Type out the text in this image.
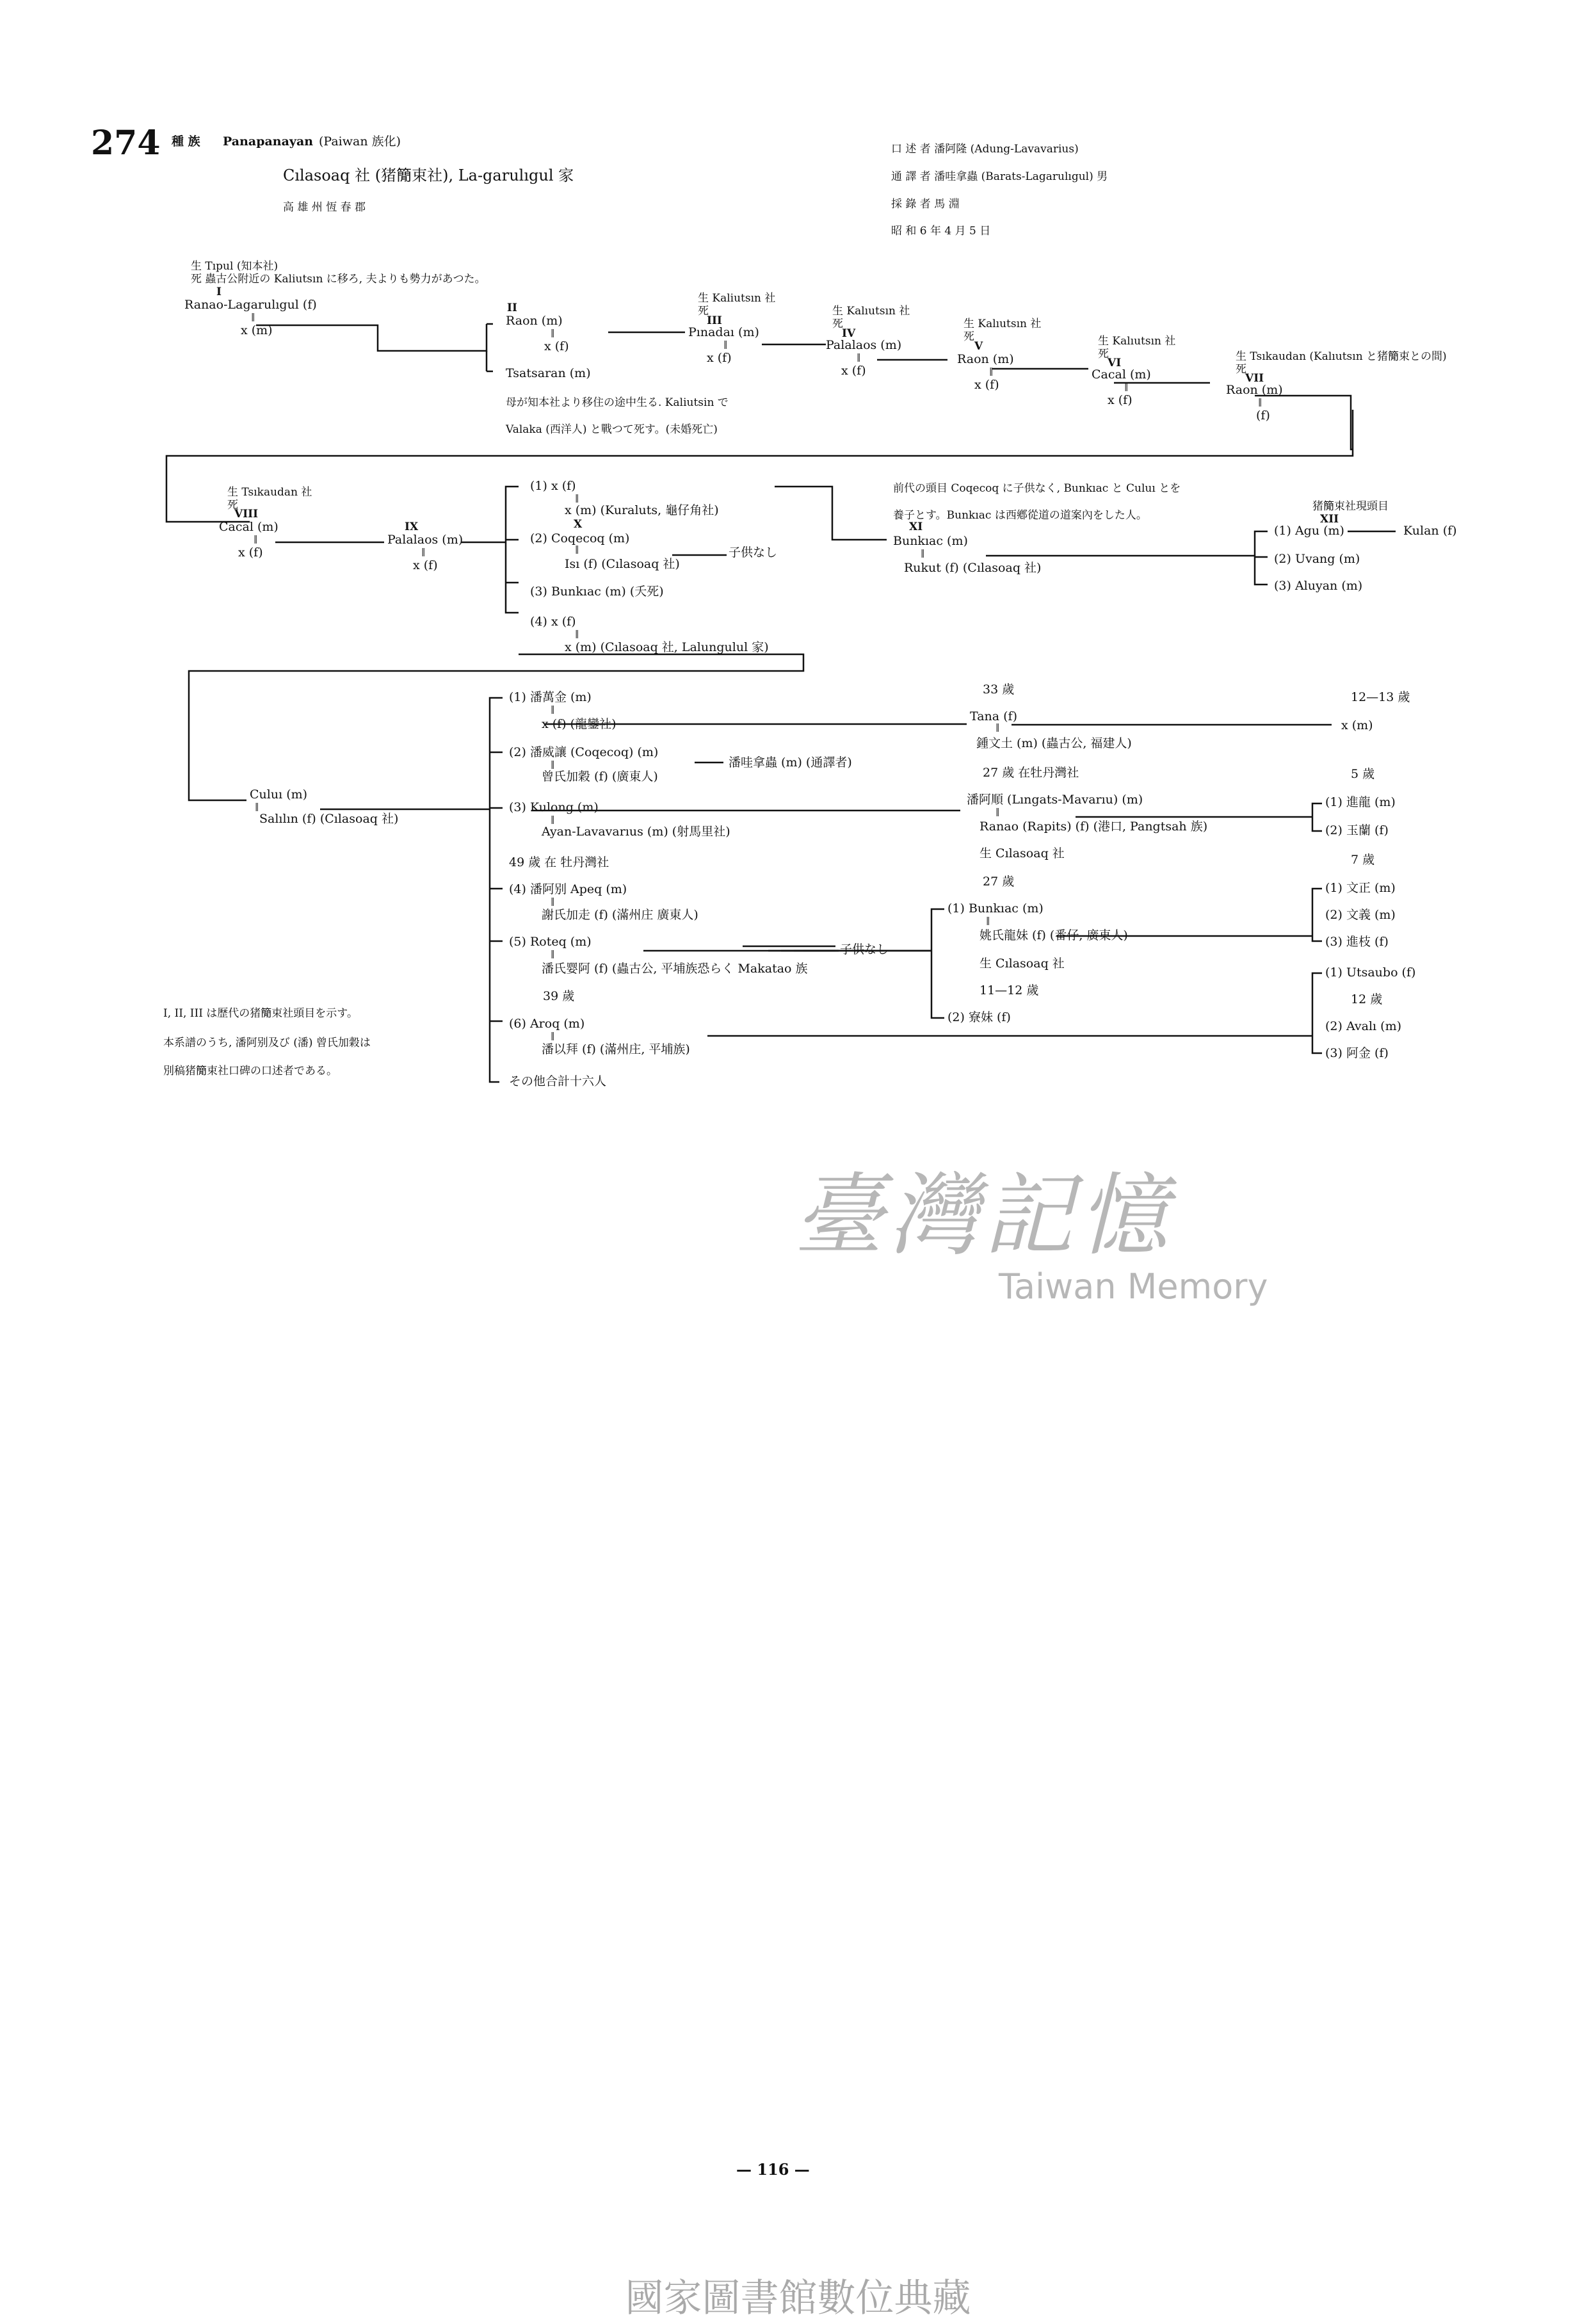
274 種 族 Panapanayan (Paiwan 族化)
Cılasoaq 社 (猪𥳑束社), La-garulıgul 家
高 雄 州 恆 春 郡
口 述 者 潘阿隆 (Adung-Lavavarius)
通 譯 者 潘哇拿蟲 (Barats-Lagarulıgul) 男
採 錄 者 馬 淵
昭 和 6 年 4 月 5 日
生 Tıpul (知本社)
死 蟲古公附近の Kaliutsın に移ろ, 夫よりも勢力があつた。
I
Ranao-Lagarulıgul (f)
‖
x (m)
II
Raon (m)
‖
x (f)
Tsatsaran (m)
母が知本社より移住の途中生る. Kaliutsin で
Valaka (西洋人) と戰つて死す。(未婚死亡)
生 Kaliutsın 社
死
III
Pınadaı (m)
‖
x (f)
生 Kalıutsın 社
死
IV
Palalaos (m)
‖
x (f)
生 Kalıutsın 社
死
V
Raon (m)
‖
x (f)
生 Kalıutsın 社
死
VI
Cacal (m)
‖
x (f)
生 Tsıkaudan (Kalıutsın と猪𥳑束との間)
死
VII
Raon (m)
‖
(f)
生 Tsıkaudan 社
死
VIII
Cacal (m)
‖
x (f)
IX
Palalaos (m)
‖
x (f)
(1) x (f)
‖
x (m) (Kuraluts, 龜仔角社)
X
(2) Coqecoq (m)
‖
Isı (f) (Cılasoaq 社)
子供なし
(3) Bunkıac (m) (夭死)
(4) x (f)
‖
x (m) (Cılasoaq 社, Lalungulul 家)
前代の頭目 Coqecoq に子供なく, Bunkıac と Culuı とを
養子とす。Bunkıac は西鄕從道の道案內をした人。
XI
Bunkıac (m)
‖
Rukut (f) (Cılasoaq 社)
猪𥳑束社現頭目
XII
(1) Agu (m)	Kulan (f)
(2) Uvang (m)
(3) Aluyan (m)
Culuı (m)
‖
Salılın (f) (Cılasoaq 社)
(1) 潘萬金 (m)
‖
x (f) (龍鑾社)
(2) 潘威讓 (Coqecoq) (m)
‖
曾氏加穀 (f) (廣東人)
潘哇拿蟲 (m) (通譯者)
(3) Kulong (m)
‖
Ayan-Lavavarıus (m) (射馬里社)
49 歲 在 牡丹灣社
(4) 潘阿别 Apeq (m)
‖
謝氏加走 (f) (滿州庄 廣東人)
(5) Roteq (m)
‖
潘氏婴阿 (f) (蟲古公, 平埔族恐らく Makatao 族
子供なし
39 歲
(6) Aroq (m)
‖
潘以拜 (f) (滿州庄, 平埔族)
その他合計十六人
33 歲
Tana (f)
‖
鍾文土 (m) (蟲古公, 福建人)
12—13 歲
x (m)
27 歲 在牡丹灣社
潘阿順 (Lıngats-Mavarıu) (m)
‖
Ranao (Rapits) (f) (港口, Pangtsah 族)
生 Cılasoaq 社
5 歲
(1) 進龍 (m)
(2) 玉蘭 (f)
7 歲
(1) 文正 (m)
(2) 文義 (m)
(3) 進枝 (f)
27 歲
(1) Bunkıac (m)
‖
姚氏龍妹 (f) (番仔, 廣東人)
生 Cılasoaq 社
11—12 歲
(2) 寮妹 (f)
(1) Utsaubo (f)
12 歲
(2) Avalı (m)
(3) 阿金 (f)
I, II, III は歷代の猪𥳑束社頭目を示す。
本系譜のうち, 潘阿别及び (潘) 曾氏加穀は
別稿猪𥳑束社口碑の口述者である。
— 116 —
臺灣記憶
Taiwan Memory
國家圖書館數位典藏
